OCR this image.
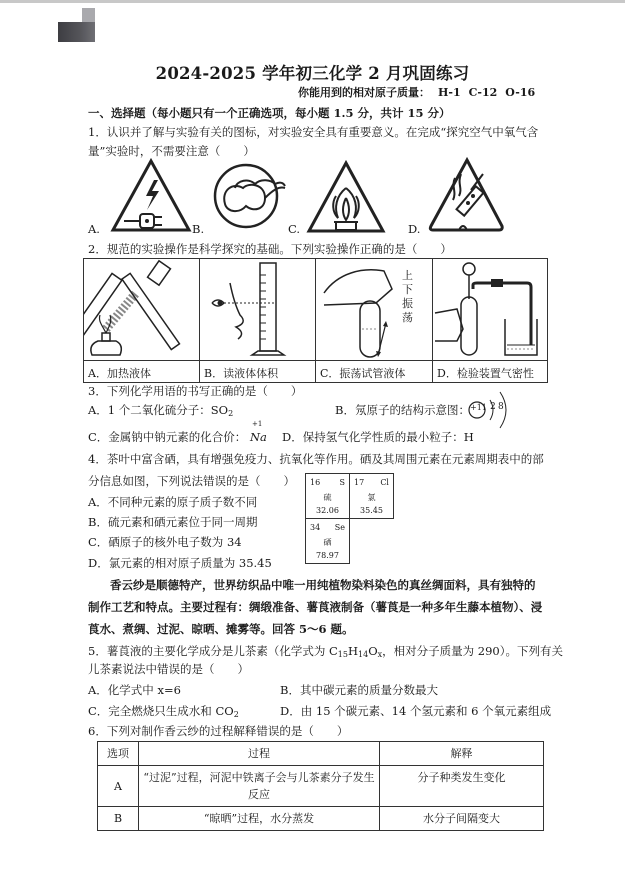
2024-2025 学年初三化学 2 月巩固练习
你能用到的相对原子质量： H-1 C-12 O-16
一、选择题（每小题只有一个正确选项，每小题 1.5 分，共计 15 分）
1．认识并了解与实验有关的图标，对实验安全具有重要意义。在完成“探究空气中氧气含
量”实验时，不需要注意（　　）
A.	B.	C.	D.
2．规范的实验操作是科学探究的基础。下列实验操作正确的是（　　）
上
下
振
荡
A．加热液体	B．读液体体积	C．振荡试管液体	D．检验装置气密性
3．下列化学用语的书写正确的是（　　）
A．1 个二氧化硫分子：$SO_2$	B．氖原子的结构示意图： +11 2 8
C．金属钠中钠元素的化合价：
+1
Na D．保持氢气化学性质的最小粒子：H
4．茶叶中富含硒，具有增强免疫力、抗氧化等作用。硒及其周围元素在元素周期表中的部
分信息如图，下列说法错误的是（　　）
A．不同种元素的原子质子数不同
B．硫元素和硒元素位于同一周期
C．硒原子的核外电子数为 34
D．氯元素的相对原子质量为 35.45
16 S
硫
32.06
17 Cl
氯
35.45
34 Se
硒
78.97
香云纱是顺德特产，世界纺织品中唯一用纯植物染料染色的真丝绸面料，具有独特的
制作工艺和特点。主要过程有：绸缎准备、薯莨液制备（薯莨是一种多年生藤本植物）、浸
莨水、煮绸、过泥、晾晒、摊雾等。回答 5～6 题。
5．薯莨液的主要化学成分是儿茶素（化学式为 $C_{15}H_{14}O_x$，相对分子质量为 290）。下列有关
儿茶素说法中错误的是（　　）
A．化学式中 x=6	B．其中碳元素的质量分数最大
C．完全燃烧只生成水和 $CO_2$	D．由 15 个碳元素、14 个氢元素和 6 个氧元素组成
6．下列对制作香云纱的过程解释错误的是（　　）
选项	过程	解释
A	“过泥”过程，河泥中铁离子会与儿茶素分子发生反应	分子种类发生变化
B	“晾晒”过程，水分蒸发	水分子间隔变大
